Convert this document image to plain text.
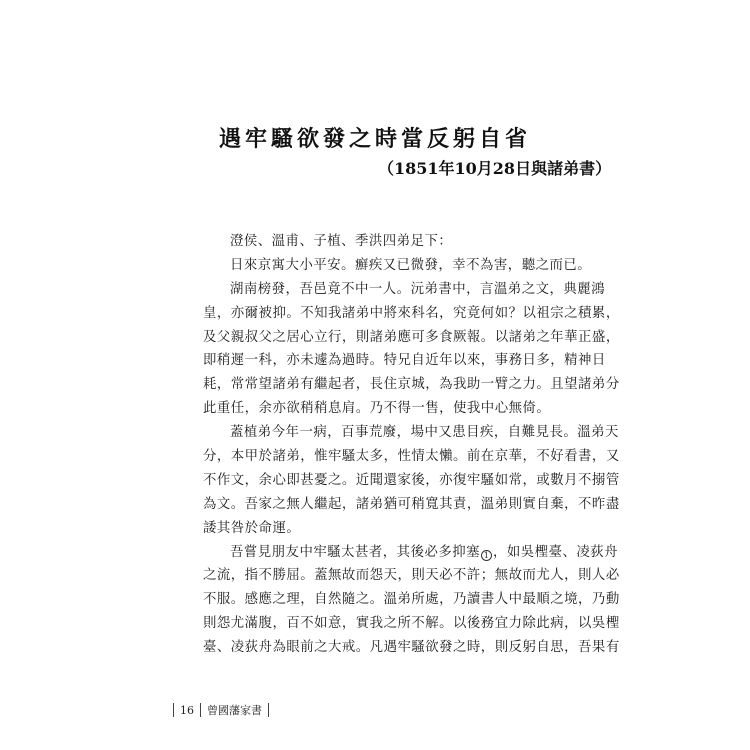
遇牢騷欲發之時當反躬自省
（1851年10月28日與諸弟書）
澄侯、溫甫、子植、季洪四弟足下：
日來京寓大小平安。癬疾又已微發，幸不為害，聽之而已。
湖南榜發，吾邑竟不中一人。沅弟書中，言溫弟之文，典麗鴻
皇，亦爾被抑。不知我諸弟中將來科名，究竟何如？以祖宗之積累，
及父親叔父之居心立行，則諸弟應可多食厥報。以諸弟之年華正盛，
即稍遲一科，亦未遽為過時。特兄自近年以來，事務日多，精神日
耗，常常望諸弟有繼起者，長住京城，為我助一臂之力。且望諸弟分
此重任，余亦欲稍稍息肩。乃不得一售，使我中心無倚。
蓋植弟今年一病，百事荒廢，場中又患目疾，自難見長。溫弟天
分，本甲於諸弟，惟牢騷太多，性情太懶。前在京華，不好看書，又
不作文，余心即甚憂之。近聞還家後，亦復牢騷如常，或數月不搦管
為文。吾家之無人繼起，諸弟猶可稍寬其責，溫弟則實自棄，不昨盡
諉其咎於命運。
吾嘗見朋友中牢騷太甚者，其後必多抑塞 $_1$ ，如吳檉臺、凌荻舟
之流，指不勝屈。蓋無故而怨天，則天必不許；無故而尤人，則人必
不服。感應之理，自然隨之。溫弟所處，乃讀書人中最順之境，乃動
則怨尤滿腹，百不如意，實我之所不解。以後務宜力除此病，以吳檉
臺、凌荻舟為眼前之大戒。凡遇牢騷欲發之時，則反躬自思，吾果有
16 曾國藩家書
